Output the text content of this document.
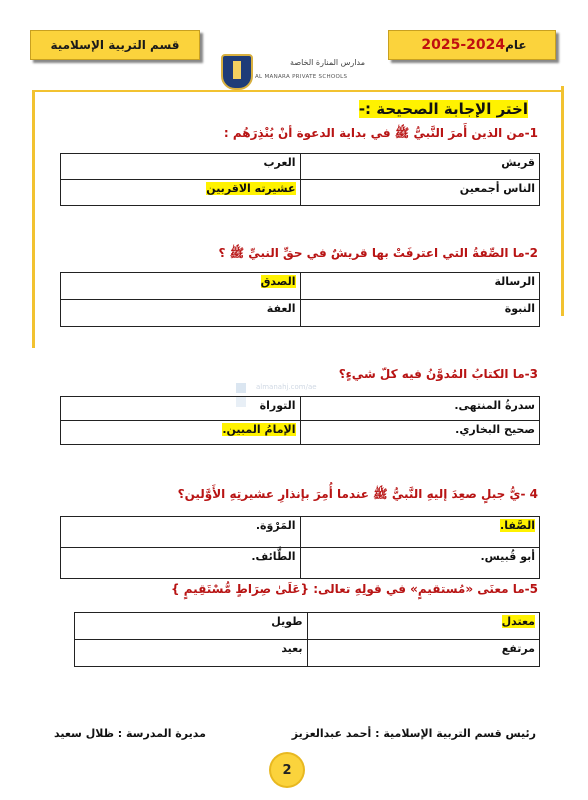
قسم التربية الإسلامية	عام
2025-2024
مدارس المنارة الخاصة
AL MANARA PRIVATE SCHOOLS
اختر الإجابة الصحيحة :-
1-من الذين أَمرَ النَّبيُّ ﷺ في بداية الدعوة أنْ يُنْذِرَهُم :
قريش	العرب
الناس أجمعين	عشيرته الاقربين
2-ما الصِّفةُ التي اعترفَتْ بها قريشٌ في حقِّ النبيِّ ﷺ ؟
الرسالة	الصدق
النبوة	العفة
3-ما الكتابُ المُدوَّنُ فيه كلّ شيءٍ؟
سدرةُ المنتهى.	التوراة
صحيح البخاري.	الإمامُ المبين.
almanahj.com/ae
4 -يُّ جبلٍ صعِدَ إليهِ النَّبيُّ ﷺ عندما أُمِرَ بإنذارِ عشيرتِهِ الأَوَّلين؟
الصَّفا.	المَرْوَة.
أبو قُبيس.	الطَّائف.
5-ما معنَى «مُستقيمٍ» في قولِهِ تعالى: {عَلَىٰ صِرَاطٍ مُّسْتَقِيمٍ }
معتدل	طويل
مرتفع	بعيد
رئيس قسم التربية الإسلامية : أحمد عبدالعزيز
مديرة المدرسة : ظلال سعيد
2
